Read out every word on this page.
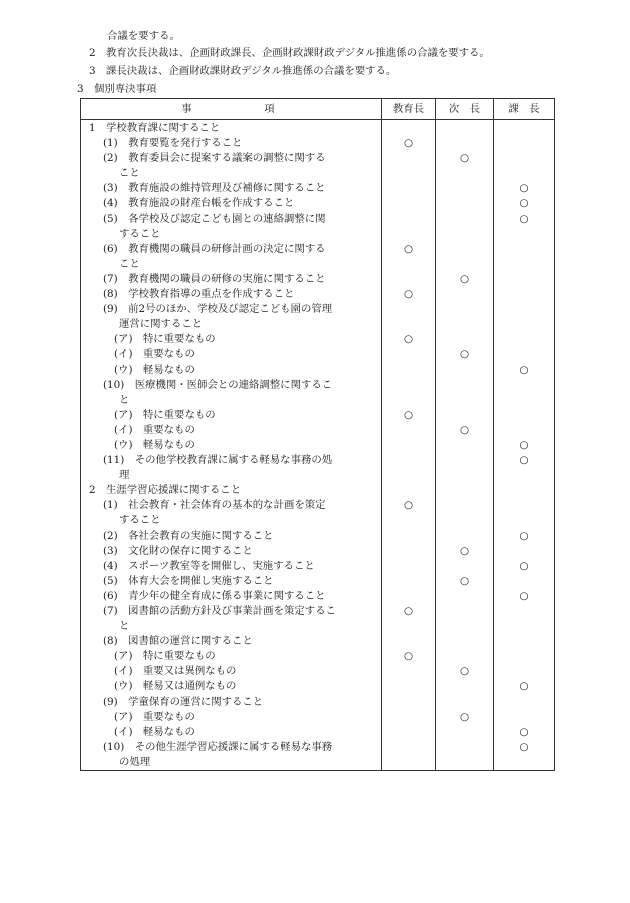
合議を要する。
2　教育次長決裁は、企画財政課長、企画財政課財政デジタル推進係の合議を要する。
3　課長決裁は、企画財政課財政デジタル推進係の合議を要する。
3　個別専決事項
事　　　　項	教育長	次　長	課　長
1　学校教育課に関すること			
(1)　教育要覧を発行すること	○		
(2)　教育委員会に提案する議案の調整に関する		○	
こと			
(3)　教育施設の維持管理及び補修に関すること			○
(4)　教育施設の財産台帳を作成すること			○
(5)　各学校及び認定こども園との連絡調整に関			○
すること			
(6)　教育機関の職員の研修計画の決定に関する	○		
こと			
(7)　教育機関の職員の研修の実施に関すること		○	
(8)　学校教育指導の重点を作成すること	○		
(9)　前2号のほか、学校及び認定こども園の管理			
運営に関すること			
(ア)　特に重要なもの	○		
(イ)　重要なもの		○	
(ウ)　軽易なもの			○
(10)　医療機関・医師会との連絡調整に関するこ			
と			
(ア)　特に重要なもの	○		
(イ)　重要なもの		○	
(ウ)　軽易なもの			○
(11)　その他学校教育課に属する軽易な事務の処			○
理			
2　生涯学習応援課に関すること			
(1)　社会教育・社会体育の基本的な計画を策定	○		
すること			
(2)　各社会教育の実施に関すること			○
(3)　文化財の保存に関すること		○	
(4)　スポーツ教室等を開催し、実施すること			○
(5)　体育大会を開催し実施すること		○	
(6)　青少年の健全育成に係る事業に関すること			○
(7)　図書館の活動方針及び事業計画を策定するこ	○		
と			
(8)　図書館の運営に関すること			
(ア)　特に重要なもの	○		
(イ)　重要又は異例なもの		○	
(ウ)　軽易又は通例なもの			○
(9)　学童保育の運営に関すること			
(ア)　重要なもの		○	
(イ)　軽易なもの			○
(10)　その他生涯学習応援課に属する軽易な事務			○
の処理			
